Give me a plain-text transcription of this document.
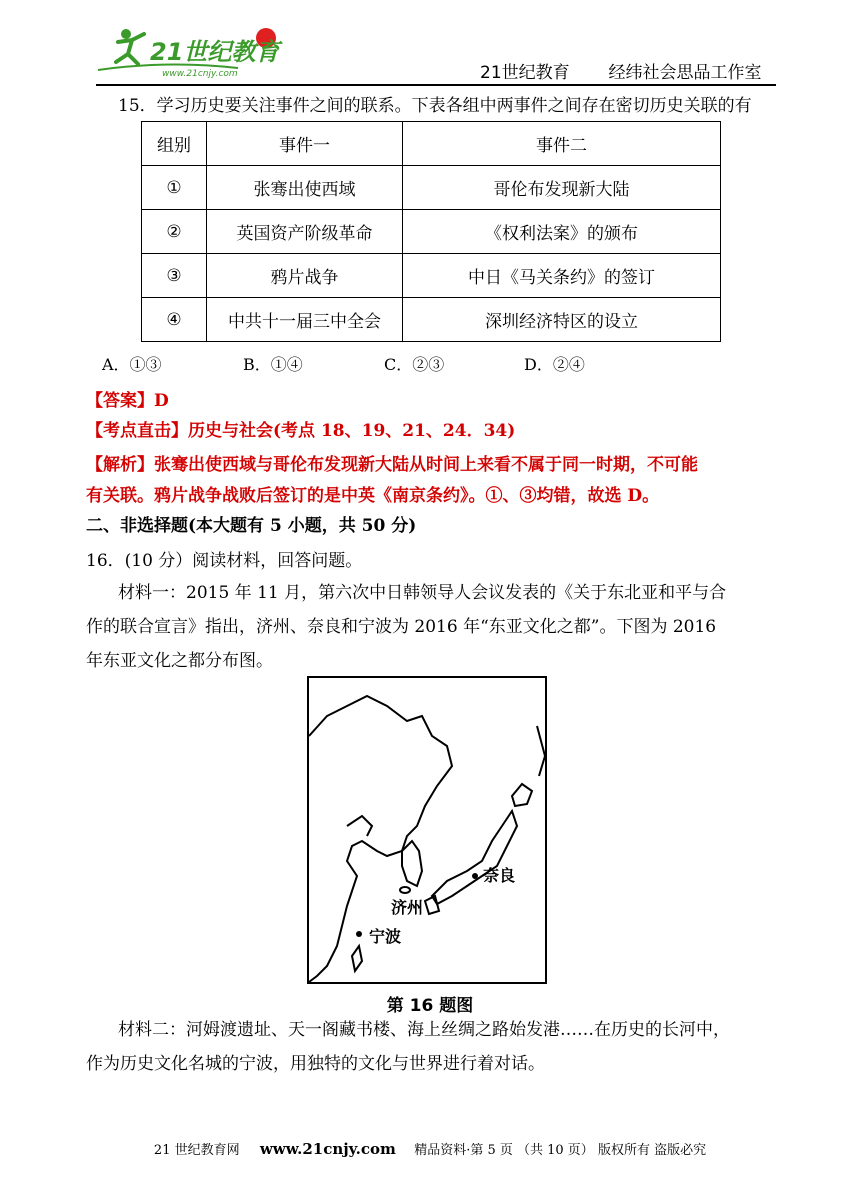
21世纪教育
www.21cnjy.com	21世纪教育 经纬社会思品工作室
15．学习历史要关注事件之间的联系。下表各组中两事件之间存在密切历史关联的有
组别	事件一	事件二
①	张骞出使西域	哥伦布发现新大陆
②	英国资产阶级革命	《权利法案》的颁布
③	鸦片战争	中日《马关条约》的签订
④	中共十一届三中全会	深圳经济特区的设立
A．①③	B．①④	C．②③	D．②④
【答案】D
【考点直击】历史与社会(考点 18、19、21、24．34)
【解析】张骞出使西域与哥伦布发现新大陆从时间上来看不属于同一时期，不可能
有关联。鸦片战争战败后签订的是中英《南京条约》。①、③均错，故选 D。
二、非选择题(本大题有 5 小题，共 50 分)
16．(10 分）阅读材料，回答问题。
材料一：2015 年 11 月，第六次中日韩领导人会议发表的《关于东北亚和平与合
作的联合宣言》指出，济州、奈良和宁波为 2016 年“东亚文化之都”。下图为 2016
年东亚文化之都分布图。
奈良
济州
宁波
第 16 题图
材料二：河姆渡遗址、天一阁藏书楼、海上丝绸之路始发港……在历史的长河中，
作为历史文化名城的宁波，用独特的文化与世界进行着对话。
21 世纪教育网 www.21cnjy.com 精品资料·第 5 页 （共 10 页） 版权所有 盗版必究
